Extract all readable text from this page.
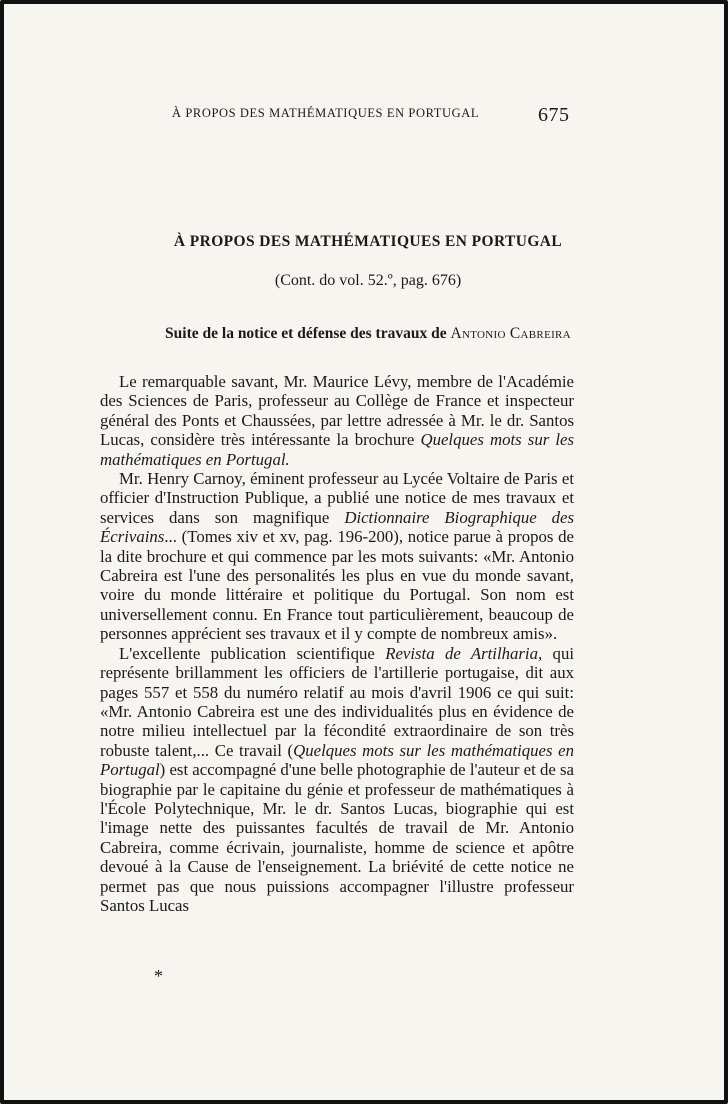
À PROPOS DES MATHÉMATIQUES EN PORTUGAL	675
À PROPOS DES MATHÉMATIQUES EN PORTUGAL
(Cont. do vol. 52.º, pag. 676)
Suite de la notice et défense des travaux de Antonio Cabreira

Le remarquable savant, Mr. Maurice Lévy, membre de l'Académie des Sciences de Paris, professeur au Collège de France et inspecteur général des Ponts et Chaussées, par lettre adressée à Mr. le dr. Santos Lucas, considère très intéressante la brochure Quelques mots sur les mathématiques en Portugal.

Mr. Henry Carnoy, éminent professeur au Lycée Voltaire de Paris et officier d'Instruction Publique, a publié une notice de mes travaux et services dans son magnifique Dictionnaire Biographique des Écrivains... (Tomes xiv et xv, pag. 196-200), notice parue à propos de la dite brochure et qui commence par les mots suivants: «Mr. Antonio Cabreira est l'une des personalités les plus en vue du monde savant, voire du monde littéraire et politique du Portugal. Son nom est universellement connu. En France tout particulièrement, beaucoup de personnes apprécient ses travaux et il y compte de nombreux amis».

L'excellente publication scientifique Revista de Artilharia, qui représente brillamment les officiers de l'artillerie portugaise, dit aux pages 557 et 558 du numéro relatif au mois d'avril 1906 ce qui suit: «Mr. Antonio Cabreira est une des individualités plus en évidence de notre milieu intellectuel par la fécondité extraordinaire de son très robuste talent,... Ce travail (Quelques mots sur les mathématiques en Portugal) est accompagné d'une belle photographie de l'auteur et de sa biographie par le capitaine du génie et professeur de mathématiques à l'École Polytechnique, Mr. le dr. Santos Lucas, biographie qui est l'image nette des puissantes facultés de travail de Mr. Antonio Cabreira, comme écrivain, journaliste, homme de science et apôtre devoué à la Cause de l'enseignement. La briévité de cette notice ne permet pas que nous puissions accompagner l'illustre professeur Santos Lucas

*
